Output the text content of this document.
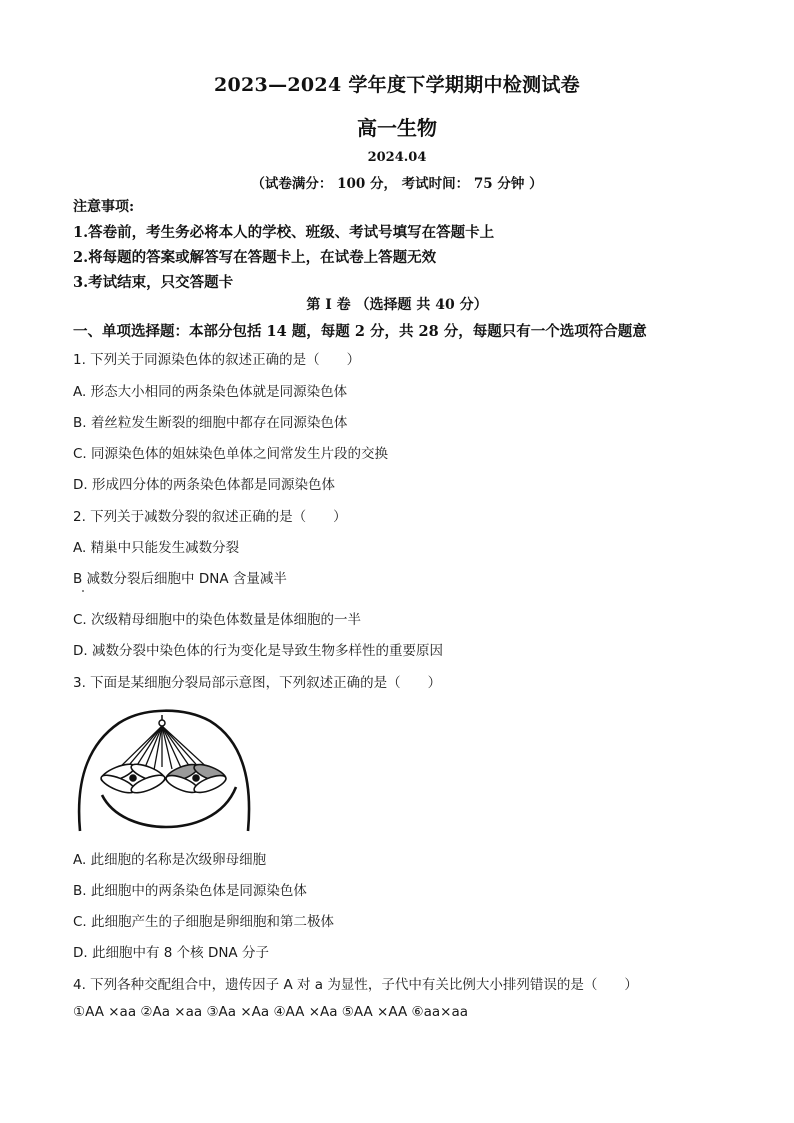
2023—2024 学年度下学期期中检测试卷
高一生物
2024.04
（试卷满分： 100 分， 考试时间： 75 分钟 ）
注意事项:
1.答卷前，考生务必将本人的学校、班级、考试号填写在答题卡上
2.将每题的答案或解答写在答题卡上，在试卷上答题无效
3.考试结束，只交答题卡
第 Ⅰ 卷 （选择题 共 40 分）
一、单项选择题：本部分包括 14 题，每题 2 分，共 28 分，每题只有一个选项符合题意
1. 下列关于同源染色体的叙述正确的是（　　）
A. 形态大小相同的两条染色体就是同源染色体
B. 着丝粒发生断裂的细胞中都存在同源染色体
C. 同源染色体的姐妹染色单体之间常发生片段的交换
D. 形成四分体的两条染色体都是同源染色体
2. 下列关于减数分裂的叙述正确的是（　　）
A. 精巢中只能发生减数分裂
B 减数分裂后细胞中 DNA 含量减半
C. 次级精母细胞中的染色体数量是体细胞的一半
D. 减数分裂中染色体的行为变化是导致生物多样性的重要原因
3. 下面是某细胞分裂局部示意图，下列叙述正确的是（　　）
A. 此细胞的名称是次级卵母细胞
B. 此细胞中的两条染色体是同源染色体
C. 此细胞产生的子细胞是卵细胞和第二极体
D. 此细胞中有 8 个核 DNA 分子
4. 下列各种交配组合中，遗传因子 A 对 a 为显性，子代中有关比例大小排列错误的是（　　）
①AA ×aa ②Aa ×aa ③Aa ×Aa ④AA ×Aa ⑤AA ×AA ⑥aa×aa
